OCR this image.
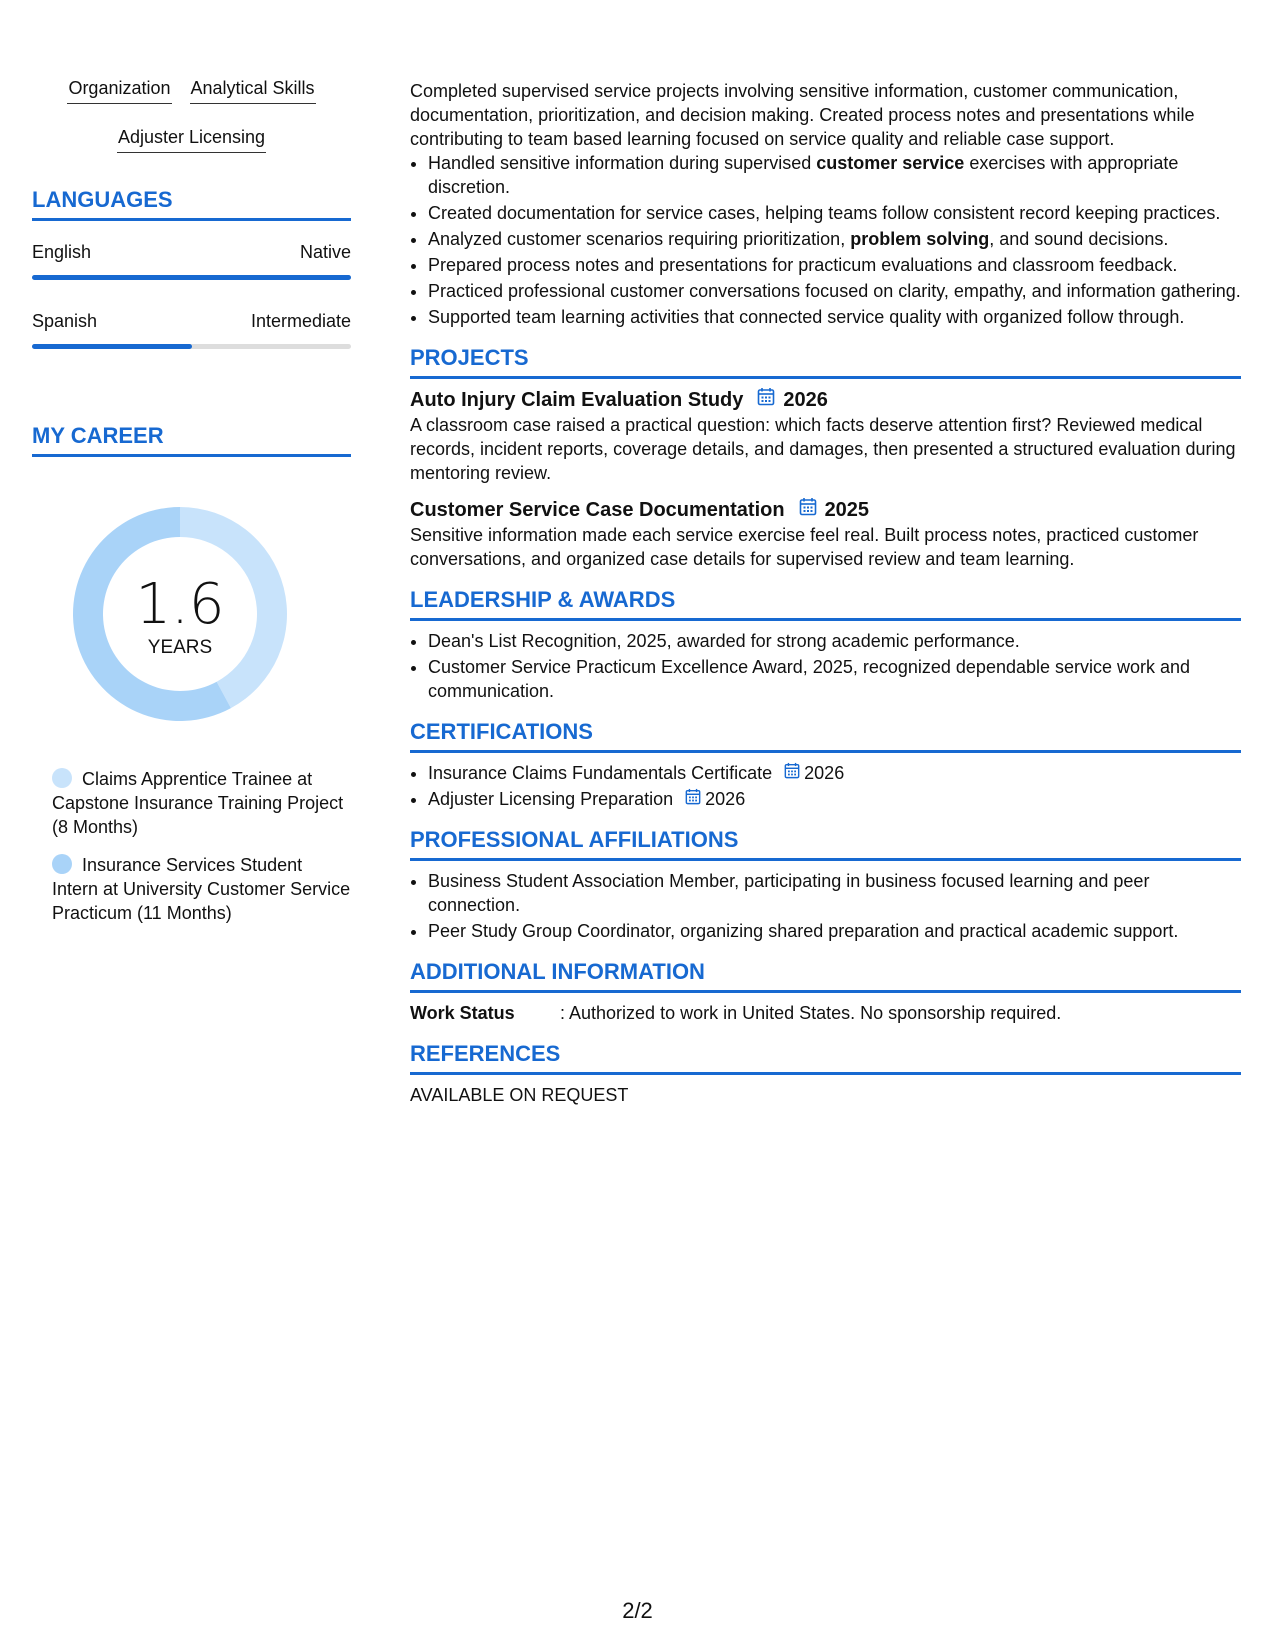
Organization Analytical Skills
Adjuster Licensing
LANGUAGES
English	Native
Spanish	Intermediate
MY CAREER
1.6
YEARS
Claims Apprentice Trainee at Capstone Insurance Training Project (8 Months)
Insurance Services Student Intern at University Customer Service Practicum (11 Months)
Completed supervised service projects involving sensitive information, customer communication, documentation, prioritization, and decision making. Created process notes and presentations while contributing to team based learning focused on service quality and reliable case support.
• Handled sensitive information during supervised customer service exercises with appropriate discretion.
• Created documentation for service cases, helping teams follow consistent record keeping practices.
• Analyzed customer scenarios requiring prioritization, problem solving, and sound decisions.
• Prepared process notes and presentations for practicum evaluations and classroom feedback.
• Practiced professional customer conversations focused on clarity, empathy, and information gathering.
• Supported team learning activities that connected service quality with organized follow through.
PROJECTS
Auto Injury Claim Evaluation Study 2026
A classroom case raised a practical question: which facts deserve attention first? Reviewed medical records, incident reports, coverage details, and damages, then presented a structured evaluation during mentoring review.
Customer Service Case Documentation 2025
Sensitive information made each service exercise feel real. Built process notes, practiced customer conversations, and organized case details for supervised review and team learning.
LEADERSHIP & AWARDS
• Dean's List Recognition, 2025, awarded for strong academic performance.
• Customer Service Practicum Excellence Award, 2025, recognized dependable service work and communication.
CERTIFICATIONS
• Insurance Claims Fundamentals Certificate 2026
• Adjuster Licensing Preparation 2026
PROFESSIONAL AFFILIATIONS
• Business Student Association Member, participating in business focused learning and peer connection.
• Peer Study Group Coordinator, organizing shared preparation and practical academic support.
ADDITIONAL INFORMATION
Work Status	: Authorized to work in United States. No sponsorship required.
REFERENCES
AVAILABLE ON REQUEST
2/2
